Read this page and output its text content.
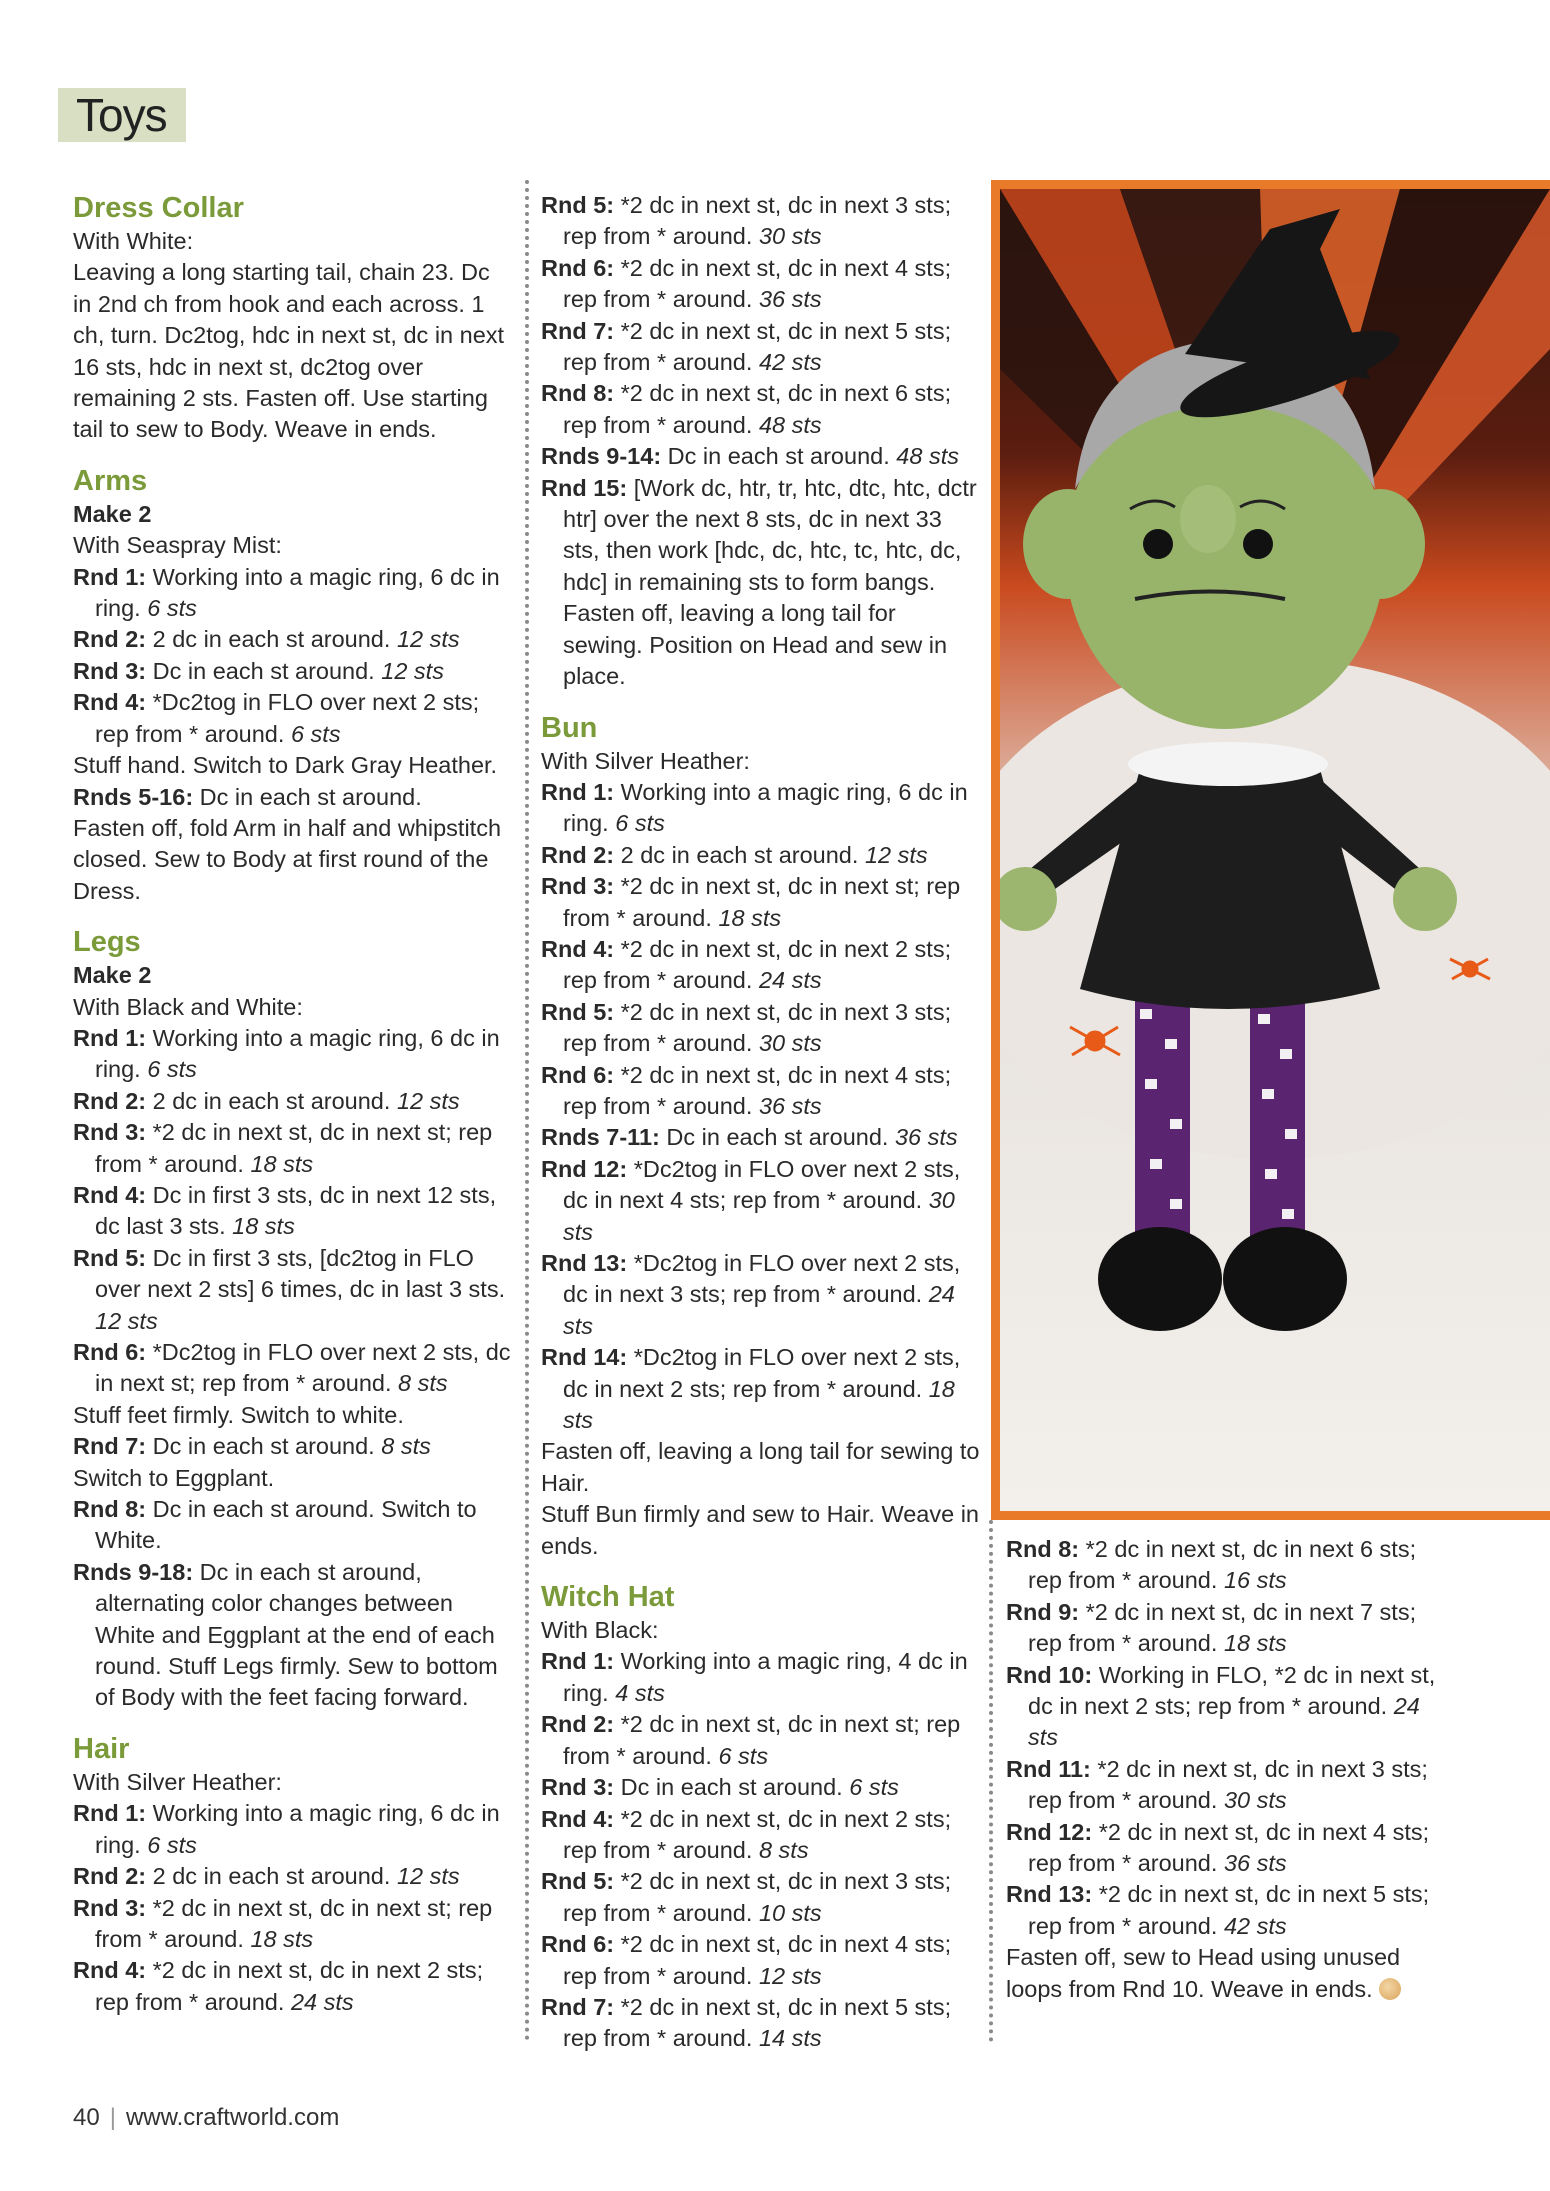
Toys
Dress Collar
With White:
Leaving a long starting tail, chain 23. Dc in 2nd ch from hook and each across. 1 ch, turn. Dc2tog, hdc in next st, dc in next 16 sts, hdc in next st, dc2tog over remaining 2 sts. Fasten off. Use starting tail to sew to Body. Weave in ends.
Arms
Make 2
With Seaspray Mist:
Rnd 1: Working into a magic ring, 6 dc in ring. 6 sts
Rnd 2: 2 dc in each st around. 12 sts
Rnd 3: Dc in each st around. 12 sts
Rnd 4: *Dc2tog in FLO over next 2 sts; rep from * around. 6 sts
Stuff hand. Switch to Dark Gray Heather.
Rnds 5-16: Dc in each st around.
Fasten off, fold Arm in half and whipstitch closed. Sew to Body at first round of the Dress.
Legs
Make 2
With Black and White:
Rnd 1: Working into a magic ring, 6 dc in ring. 6 sts
Rnd 2: 2 dc in each st around. 12 sts
Rnd 3: *2 dc in next st, dc in next st; rep from * around. 18 sts
Rnd 4: Dc in first 3 sts, dc in next 12 sts, dc last 3 sts. 18 sts
Rnd 5: Dc in first 3 sts, [dc2tog in FLO over next 2 sts] 6 times, dc in last 3 sts. 12 sts
Rnd 6: *Dc2tog in FLO over next 2 sts, dc in next st; rep from * around. 8 sts
Stuff feet firmly. Switch to white.
Rnd 7: Dc in each st around. 8 sts
Switch to Eggplant.
Rnd 8: Dc in each st around. Switch to White.
Rnds 9-18: Dc in each st around, alternating color changes between White and Eggplant at the end of each round. Stuff Legs firmly. Sew to bottom of Body with the feet facing forward.
Hair
With Silver Heather:
Rnd 1: Working into a magic ring, 6 dc in ring. 6 sts
Rnd 2: 2 dc in each st around. 12 sts
Rnd 3: *2 dc in next st, dc in next st; rep from * around. 18 sts
Rnd 4: *2 dc in next st, dc in next 2 sts; rep from * around. 24 sts
Rnd 5: *2 dc in next st, dc in next 3 sts; rep from * around. 30 sts
Rnd 6: *2 dc in next st, dc in next 4 sts; rep from * around. 36 sts
Rnd 7: *2 dc in next st, dc in next 5 sts; rep from * around. 42 sts
Rnd 8: *2 dc in next st, dc in next 6 sts; rep from * around. 48 sts
Rnds 9-14: Dc in each st around. 48 sts
Rnd 15: [Work dc, htr, tr, htc, dtc, htc, dctr htr] over the next 8 sts, dc in next 33 sts, then work [hdc, dc, htc, tc, htc, dc, hdc] in remaining sts to form bangs. Fasten off, leaving a long tail for sewing. Position on Head and sew in place.
Bun
With Silver Heather:
Rnd 1: Working into a magic ring, 6 dc in ring. 6 sts
Rnd 2: 2 dc in each st around. 12 sts
Rnd 3: *2 dc in next st, dc in next st; rep from * around. 18 sts
Rnd 4: *2 dc in next st, dc in next 2 sts; rep from * around. 24 sts
Rnd 5: *2 dc in next st, dc in next 3 sts; rep from * around. 30 sts
Rnd 6: *2 dc in next st, dc in next 4 sts; rep from * around. 36 sts
Rnds 7-11: Dc in each st around. 36 sts
Rnd 12: *Dc2tog in FLO over next 2 sts, dc in next 4 sts; rep from * around. 30 sts
Rnd 13: *Dc2tog in FLO over next 2 sts, dc in next 3 sts; rep from * around. 24 sts
Rnd 14: *Dc2tog in FLO over next 2 sts, dc in next 2 sts; rep from * around. 18 sts
Fasten off, leaving a long tail for sewing to Hair.
Stuff Bun firmly and sew to Hair. Weave in ends.
Witch Hat
With Black:
Rnd 1: Working into a magic ring, 4 dc in ring. 4 sts
Rnd 2: *2 dc in next st, dc in next st; rep from * around. 6 sts
Rnd 3: Dc in each st around. 6 sts
Rnd 4: *2 dc in next st, dc in next 2 sts; rep from * around. 8 sts
Rnd 5: *2 dc in next st, dc in next 3 sts; rep from * around. 10 sts
Rnd 6: *2 dc in next st, dc in next 4 sts; rep from * around. 12 sts
Rnd 7: *2 dc in next st, dc in next 5 sts; rep from * around. 14 sts
Rnd 8: *2 dc in next st, dc in next 6 sts; rep from * around. 16 sts
Rnd 9: *2 dc in next st, dc in next 7 sts; rep from * around. 18 sts
Rnd 10: Working in FLO, *2 dc in next st, dc in next 2 sts; rep from * around. 24 sts
Rnd 11: *2 dc in next st, dc in next 3 sts; rep from * around. 30 sts
Rnd 12: *2 dc in next st, dc in next 4 sts; rep from * around. 36 sts
Rnd 13: *2 dc in next st, dc in next 5 sts; rep from * around. 42 sts
Fasten off, sew to Head using unused loops from Rnd 10. Weave in ends.
40 | www.craftworld.com
